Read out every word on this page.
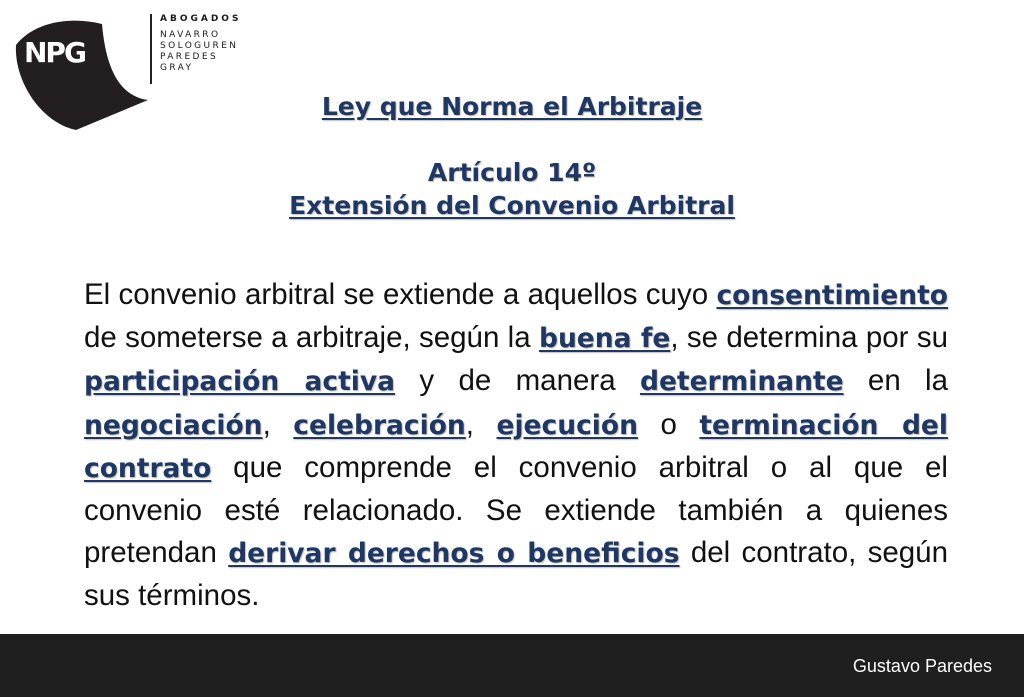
NPG
ABOGADOS
NAVARRO
SOLOGUREN
PAREDES
GRAY
Ley que Norma el Arbitraje
Artículo 14º
Extensión del Convenio Arbitral
El convenio arbitral se extiende a aquellos cuyo consentimiento de someterse a arbitraje, según la buena fe, se determina por su participación activa y de manera determinante en la negociación, celebración, ejecución o terminación del contrato que comprende el convenio arbitral o al que el convenio esté relacionado. Se extiende también a quienes pretendan derivar derechos o beneficios del contrato, según sus términos.
Gustavo Paredes
